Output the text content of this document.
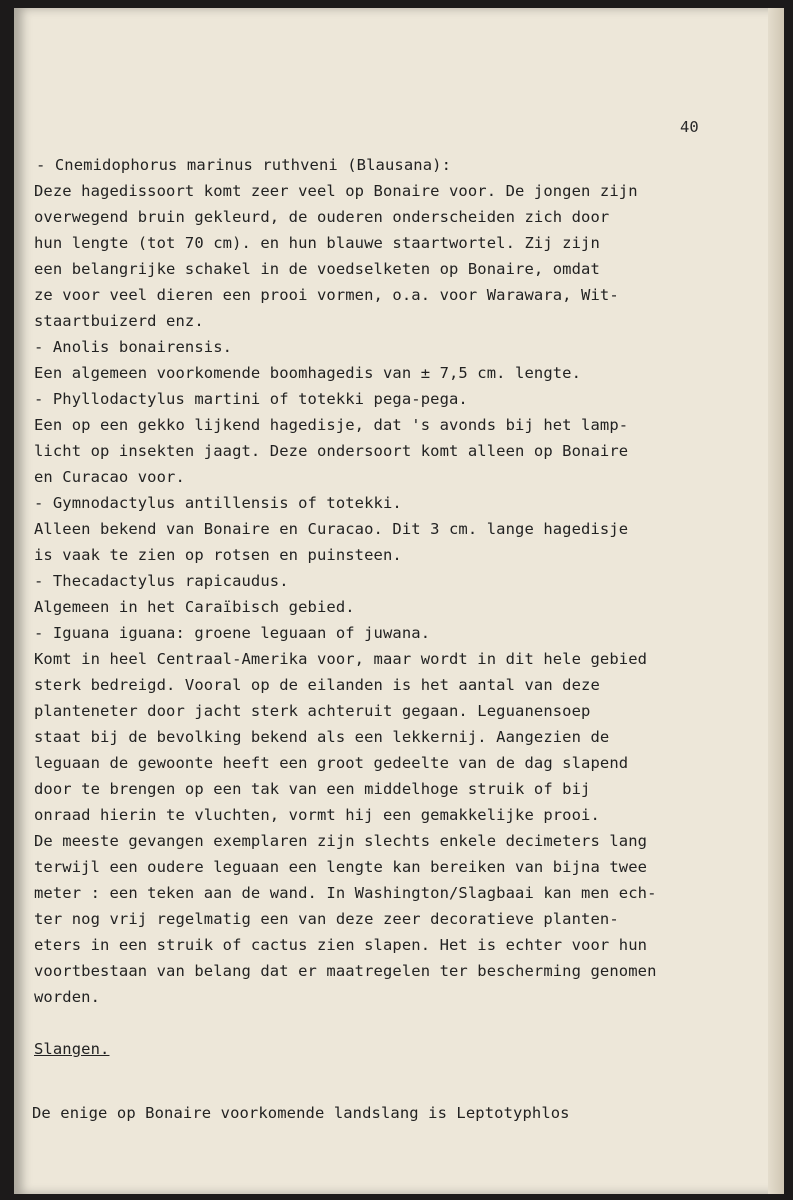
40
- Cnemidophorus marinus ruthveni (Blausana):
Deze hagedissoort komt zeer veel op Bonaire voor. De jongen zijn
overwegend bruin gekleurd, de ouderen onderscheiden zich door
hun lengte (tot 70 cm). en hun blauwe staartwortel. Zij zijn
een belangrijke schakel in de voedselketen op Bonaire, omdat
ze voor veel dieren een prooi vormen, o.a. voor Warawara, Wit-
staartbuizerd enz.
- Anolis bonairensis.
Een algemeen voorkomende boomhagedis van ± 7,5 cm. lengte.
- Phyllodactylus martini of totekki pega-pega.
Een op een gekko lijkend hagedisje, dat 's avonds bij het lamp-
licht op insekten jaagt. Deze ondersoort komt alleen op Bonaire
en Curacao voor.
- Gymnodactylus antillensis of totekki.
Alleen bekend van Bonaire en Curacao. Dit 3 cm. lange hagedisje
is vaak te zien op rotsen en puinsteen.
- Thecadactylus rapicaudus.
Algemeen in het Caraïbisch gebied.
- Iguana iguana: groene leguaan of juwana.
Komt in heel Centraal-Amerika voor, maar wordt in dit hele gebied
sterk bedreigd. Vooral op de eilanden is het aantal van deze
planteneter door jacht sterk achteruit gegaan. Leguanensoep
staat bij de bevolking bekend als een lekkernij. Aangezien de
leguaan de gewoonte heeft een groot gedeelte van de dag slapend
door te brengen op een tak van een middelhoge struik of bij
onraad hierin te vluchten, vormt hij een gemakkelijke prooi.
De meeste gevangen exemplaren zijn slechts enkele decimeters lang
terwijl een oudere leguaan een lengte kan bereiken van bijna twee
meter : een teken aan de wand. In Washington/Slagbaai kan men ech-
ter nog vrij regelmatig een van deze zeer decoratieve planten-
eters in een struik of cactus zien slapen. Het is echter voor hun
voortbestaan van belang dat er maatregelen ter bescherming genomen
worden.
Slangen.
De enige op Bonaire voorkomende landslang is Leptotyphlos
